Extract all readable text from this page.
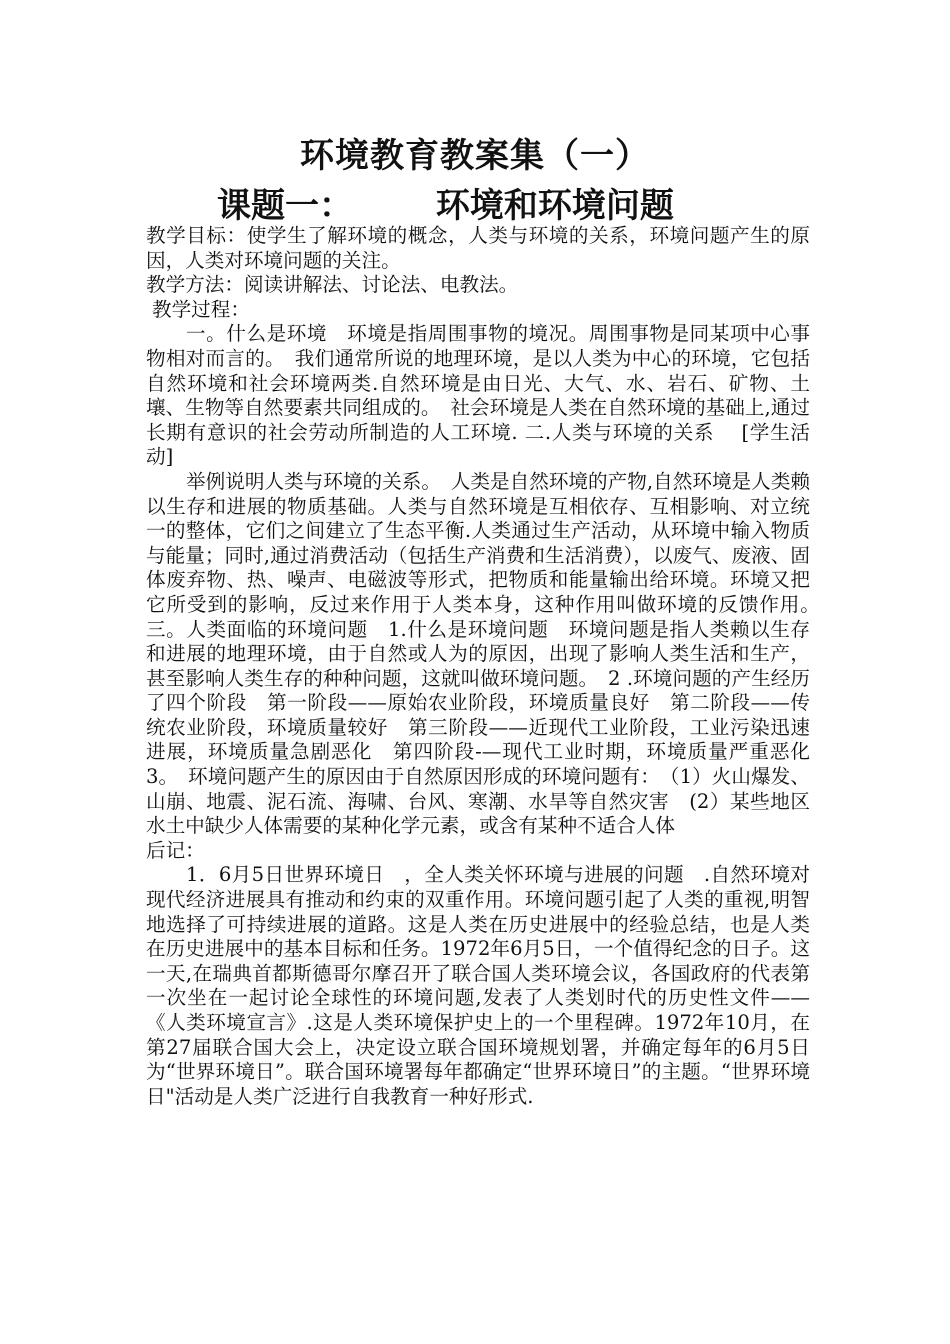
环境教育教案集（一）
课题一：       环境和环境问题

教学目标：使学生了解环境的概念，人类与环境的关系，环境问题产生的原因，人类对环境问题的关注。

教学方法：阅读讲解法、讨论法、电教法。

教学过程：

一。什么是环境　环境是指周围事物的境况。周围事物是同某项中心事物相对而言的。　我们通常所说的地理环境，是以人类为中心的环境，它包括自然环境和社会环境两类.自然环境是由日光、大气、水、岩石、矿物、土壤、生物等自然要素共同组成的。　社会环境是人类在自然环境的基础上,通过长期有意识的社会劳动所制造的人工环境. 二.人类与环境的关系　 [学生活动]

举例说明人类与环境的关系。　人类是自然环境的产物,自然环境是人类赖以生存和进展的物质基础。人类与自然环境是互相依存、互相影响、对立统一的整体，它们之间建立了生态平衡.人类通过生产活动，从环境中输入物质与能量；同时,通过消费活动（包括生产消费和生活消费），以废气、废液、固体废弃物、热、噪声、电磁波等形式，把物质和能量输出给环境。环境又把它所受到的影响，反过来作用于人类本身，这种作用叫做环境的反馈作用。　三。人类面临的环境问题　1.什么是环境问题　环境问题是指人类赖以生存和进展的地理环境，由于自然或人为的原因，出现了影响人类生活和生产，甚至影响人类生存的种种问题，这就叫做环境问题。　2 .环境问题的产生经历了四个阶段　第一阶段——原始农业阶段，环境质量良好　第二阶段——传统农业阶段，环境质量较好　第三阶段——近现代工业阶段，工业污染迅速进展，环境质量急剧恶化　第四阶段-—现代工业时期，环境质量严重恶化　3。　环境问题产生的原因由于自然原因形成的环境问题有：　（1）火山爆发、山崩、地震、泥石流、海啸、台风、寒潮、水旱等自然灾害　(2）某些地区水土中缺少人体需要的某种化学元素，或含有某种不适合人体

后记：

1．6月5日世界环境日　，全人类关怀环境与进展的问题　.自然环境对现代经济进展具有推动和约束的双重作用。环境问题引起了人类的重视,明智地选择了可持续进展的道路。这是人类在历史进展中的经验总结，也是人类在历史进展中的基本目标和任务。1972年6月5日，一个值得纪念的日子。这一天,在瑞典首都斯德哥尔摩召开了联合国人类环境会议，各国政府的代表第一次坐在一起讨论全球性的环境问题,发表了人类划时代的历史性文件——《人类环境宣言》.这是人类环境保护史上的一个里程碑。1972年10月，在第27届联合国大会上，决定设立联合国环境规划署，并确定每年的6月5日为“世界环境日”。联合国环境署每年都确定“世界环境日”的主题。“世界环境日"活动是人类广泛进行自我教育一种好形式.
